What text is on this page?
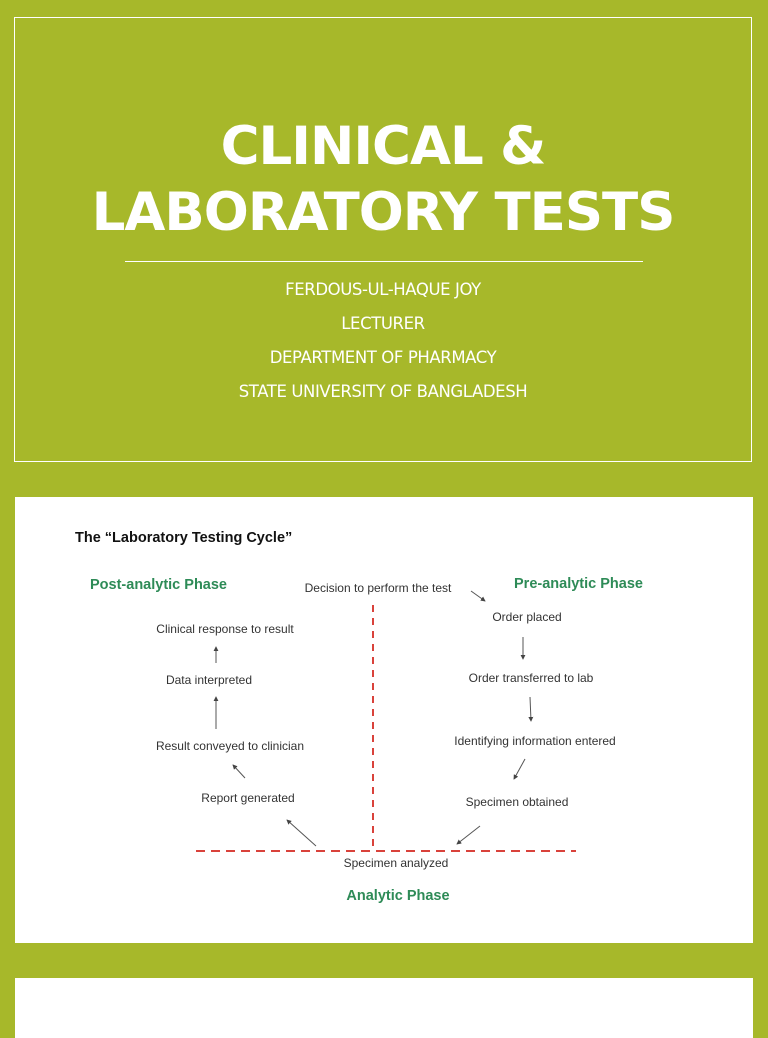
CLINICAL &
LABORATORY TESTS
FERDOUS-UL-HAQUE JOY
LECTURER
DEPARTMENT OF PHARMACY
STATE UNIVERSITY OF BANGLADESH
The “Laboratory Testing Cycle”
Post-analytic Phase	Pre-analytic Phase
Analytic Phase
Decision to perform the test
Order placed
Order transferred to lab
Identifying information entered
Specimen obtained
Specimen analyzed
Report generated
Result conveyed to clinician
Data interpreted
Clinical response to result
